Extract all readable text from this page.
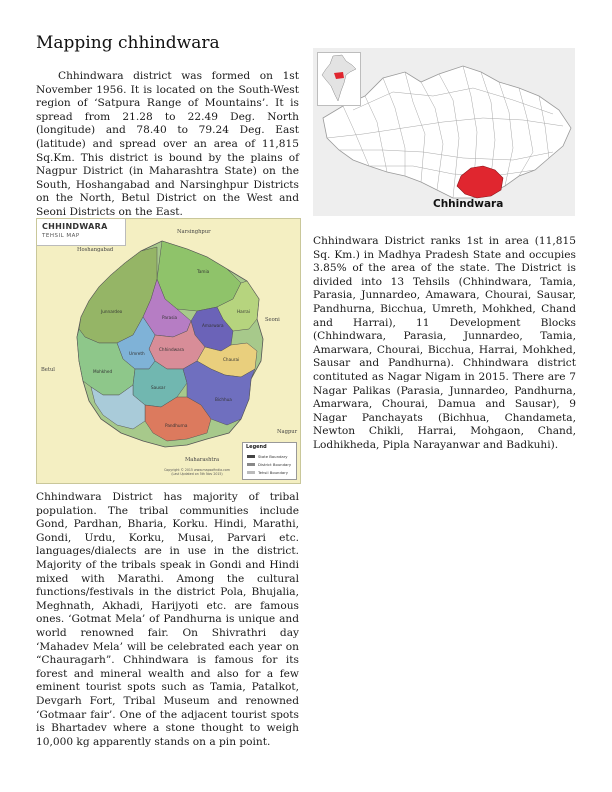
Mapping chhindwara

Chhindwara district was formed on 1st November 1956. It is located on the South-West region of ‘Satpura Range of Mountains’. It is spread from 21.28 to 22.49 Deg. North (longitude) and 78.40 to 79.24 Deg. East (latitude) and spread over an area of 11,815 Sq.Km. This district is bound by the plains of Nagpur District (in Maharashtra State) on the South, Hoshangabad and Narsinghpur Districts on the North, Betul District on the West and Seoni Districts on the East.

Chhindwara

Chhindwara District ranks 1st in area (11,815 Sq. Km.) in Madhya Pradesh State and occupies 3.85% of the area of the state. The District is divided into 13 Tehsils (Chhindwara, Tamia, Parasia, Junnardeo, Amawara, Chourai, Sausar, Pandhurna, Bicchua, Umreth, Mohkhed, Chand and Harrai), 11 Development Blocks (Chhindwara, Parasia, Junnardeo, Tamia, Amarwara, Chourai, Bicchua, Harrai, Mohkhed, Sausar and Pandhurna). Chhindwara district contituted as Nagar Nigam in 2015. There are 7 Nagar Palikas (Parasia, Junnardeo, Pandhurna, Amarwara, Chourai, Damua and Sausar), 9 Nagar Panchayats (Bichhua, Chandameta, Newton Chikli, Harrai, Mohgaon, Chand, Lodhikheda, Pipla Narayanwar and Badkuhi).

CHHINDWARA
TEHSIL MAP
Narsinghpur
Hoshangabad
Seoni
Betul
Maharashtra
Nagpur
Tamia
Harrai
Amarwara
Parasia
Junnardeo
Chhindwara
Chaurai
Umreth
Mohkhed
Sausar
Bichhua
Pandhurna
Legend
State Boundary
District Boundary
Tehsil Boundary
Copyright © 2015 www.mapsofindia.com
(Last Updated on 5th Nov 2015)

Chhindwara District has majority of tribal population. The tribal communities include Gond, Pardhan, Bharia, Korku. Hindi, Marathi, Gondi, Urdu, Korku, Musai, Parvari etc. languages/dialects are in use in the district. Majority of the tribals speak in Gondi and Hindi mixed with Marathi. Among the cultural functions/festivals in the district Pola, Bhujalia, Meghnath, Akhadi, Harijyoti etc. are famous ones. ‘Gotmat Mela’ of Pandhurna is unique and world renowned fair. On Shivrathri day ‘Mahadev Mela’ will be celebrated each year on “Chauragarh”. Chhindwara is famous for its forest and mineral wealth and also for a few eminent tourist spots such as Tamia, Patalkot, Devgarh Fort, Tribal Museum and renowned ‘Gotmaar fair’. One of the adjacent tourist spots is Bhartadev where a stone thought to weigh 10,000 kg apparently stands on a pin point.
